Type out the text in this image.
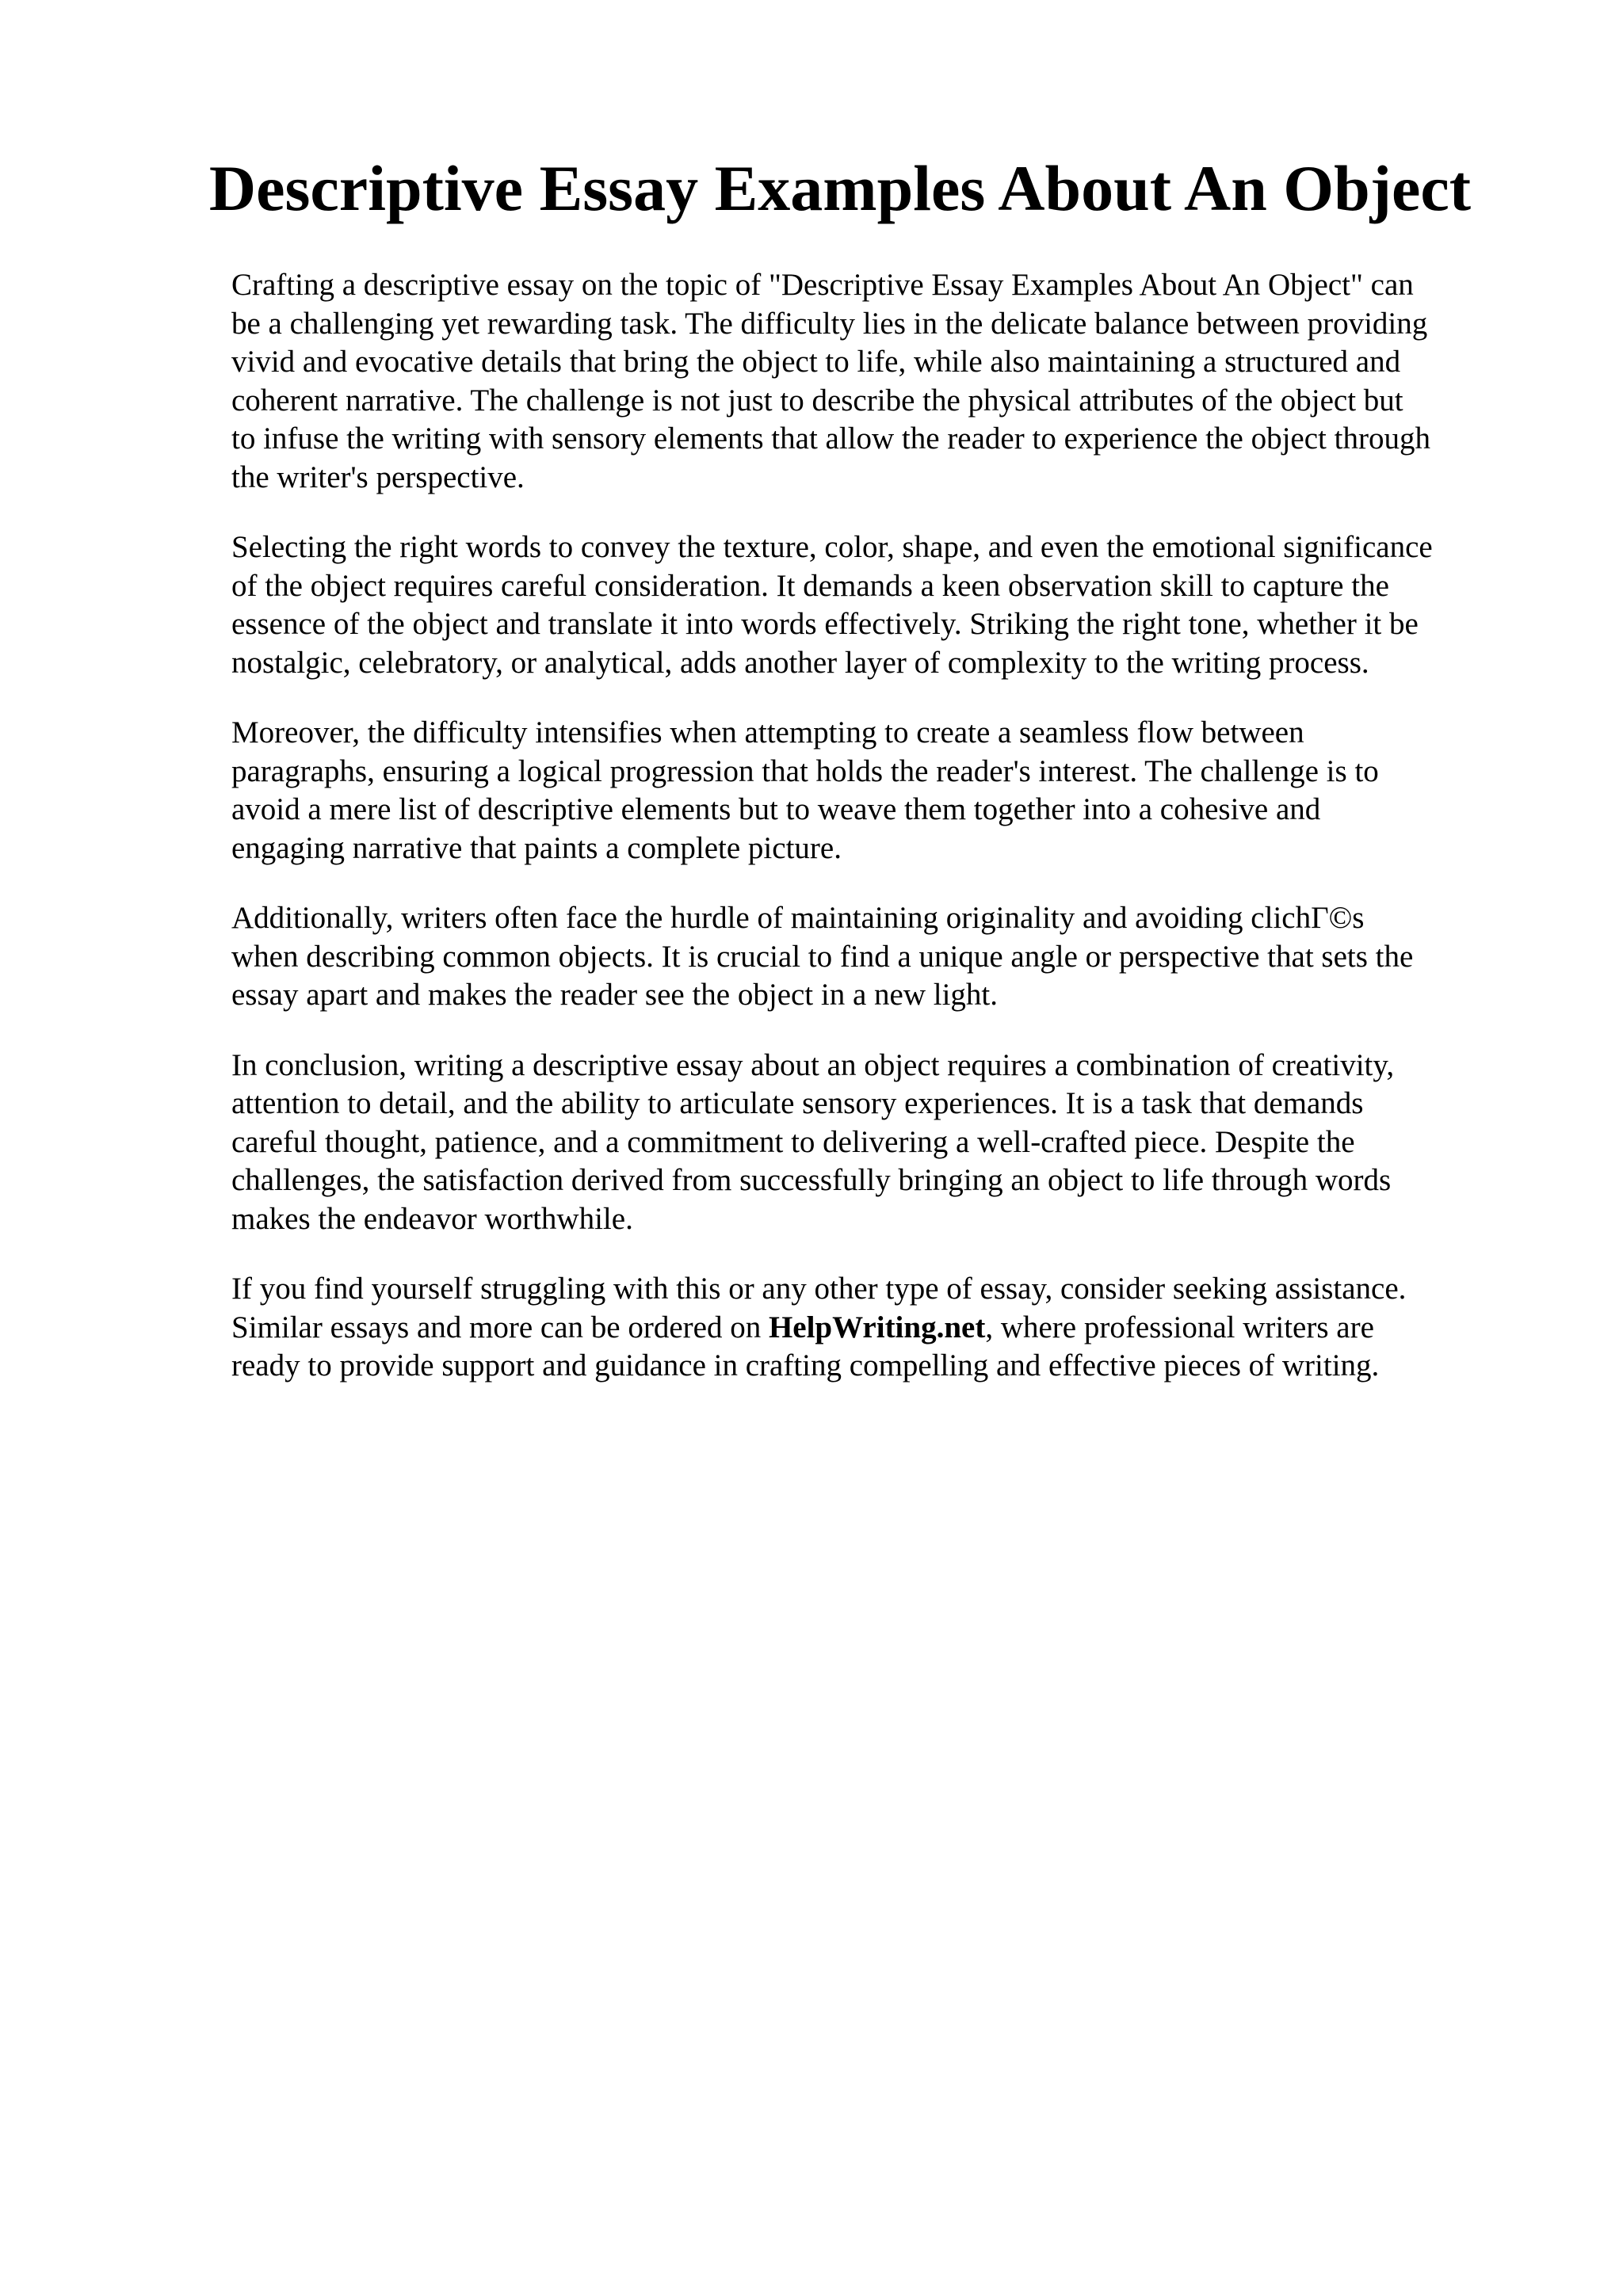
Descriptive Essay Examples About An Object

Crafting a descriptive essay on the topic of "Descriptive Essay Examples About An Object" can
be a challenging yet rewarding task. The difficulty lies in the delicate balance between providing
vivid and evocative details that bring the object to life, while also maintaining a structured and
coherent narrative. The challenge is not just to describe the physical attributes of the object but
to infuse the writing with sensory elements that allow the reader to experience the object through
the writer's perspective.

Selecting the right words to convey the texture, color, shape, and even the emotional significance
of the object requires careful consideration. It demands a keen observation skill to capture the
essence of the object and translate it into words effectively. Striking the right tone, whether it be
nostalgic, celebratory, or analytical, adds another layer of complexity to the writing process.

Moreover, the difficulty intensifies when attempting to create a seamless flow between
paragraphs, ensuring a logical progression that holds the reader's interest. The challenge is to
avoid a mere list of descriptive elements but to weave them together into a cohesive and
engaging narrative that paints a complete picture.

Additionally, writers often face the hurdle of maintaining originality and avoiding clichГ©s
when describing common objects. It is crucial to find a unique angle or perspective that sets the
essay apart and makes the reader see the object in a new light.

In conclusion, writing a descriptive essay about an object requires a combination of creativity,
attention to detail, and the ability to articulate sensory experiences. It is a task that demands
careful thought, patience, and a commitment to delivering a well-crafted piece. Despite the
challenges, the satisfaction derived from successfully bringing an object to life through words
makes the endeavor worthwhile.

If you find yourself struggling with this or any other type of essay, consider seeking assistance.
Similar essays and more can be ordered on HelpWriting.net, where professional writers are
ready to provide support and guidance in crafting compelling and effective pieces of writing.
